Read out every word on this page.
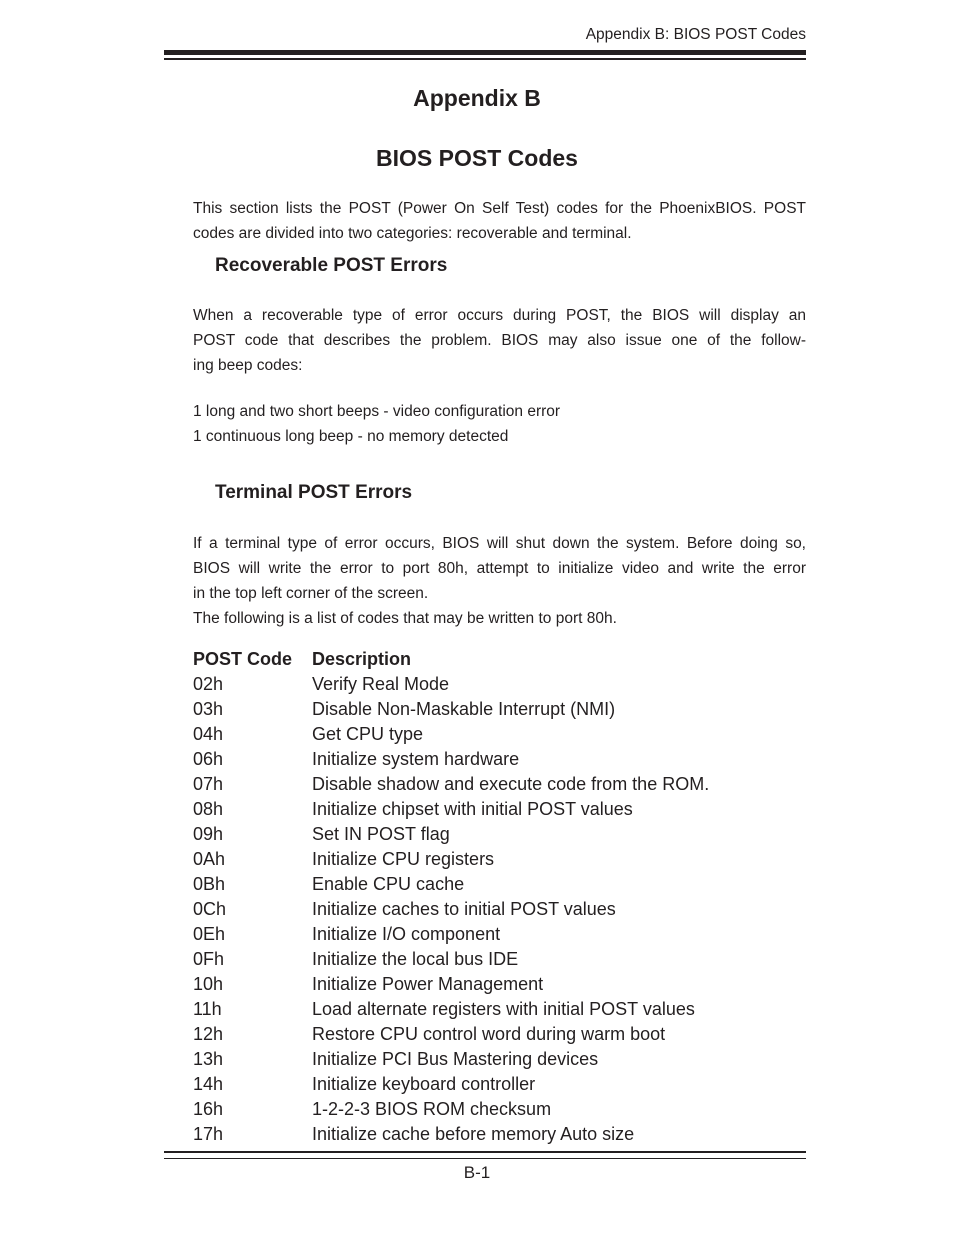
Appendix B: BIOS POST Codes
Appendix B
BIOS POST Codes
This section lists the POST (Power On Self Test) codes for the PhoenixBIOS. POST
codes are divided into two categories: recoverable and terminal.
Recoverable POST Errors
When a recoverable type of error occurs during POST, the BIOS will display an
POST code that describes the problem. BIOS may also issue one of the follow-
ing beep codes:
1 long and two short beeps - video configuration error
1 continuous long beep - no memory detected
Terminal POST Errors
If a terminal type of error occurs, BIOS will shut down the system. Before doing so,
BIOS will write the error to port 80h, attempt to initialize video and write the error
in the top left corner of the screen.
The following is a list of codes that may be written to port 80h.
POST Code Description
02h	Verify Real Mode
03h	Disable Non-Maskable Interrupt (NMI)
04h	Get CPU type
06h	Initialize system hardware
07h	Disable shadow and execute code from the ROM.
08h	Initialize chipset with initial POST values
09h	Set IN POST flag
0Ah	Initialize CPU registers
0Bh	Enable CPU cache
0Ch	Initialize caches to initial POST values
0Eh	Initialize I/O component
0Fh	Initialize the local bus IDE
10h	Initialize Power Management
11h	Load alternate registers with initial POST values
12h	Restore CPU control word during warm boot
13h	Initialize PCI Bus Mastering devices
14h	Initialize keyboard controller
16h	1-2-2-3 BIOS ROM checksum
17h	Initialize cache before memory Auto size
B-1
